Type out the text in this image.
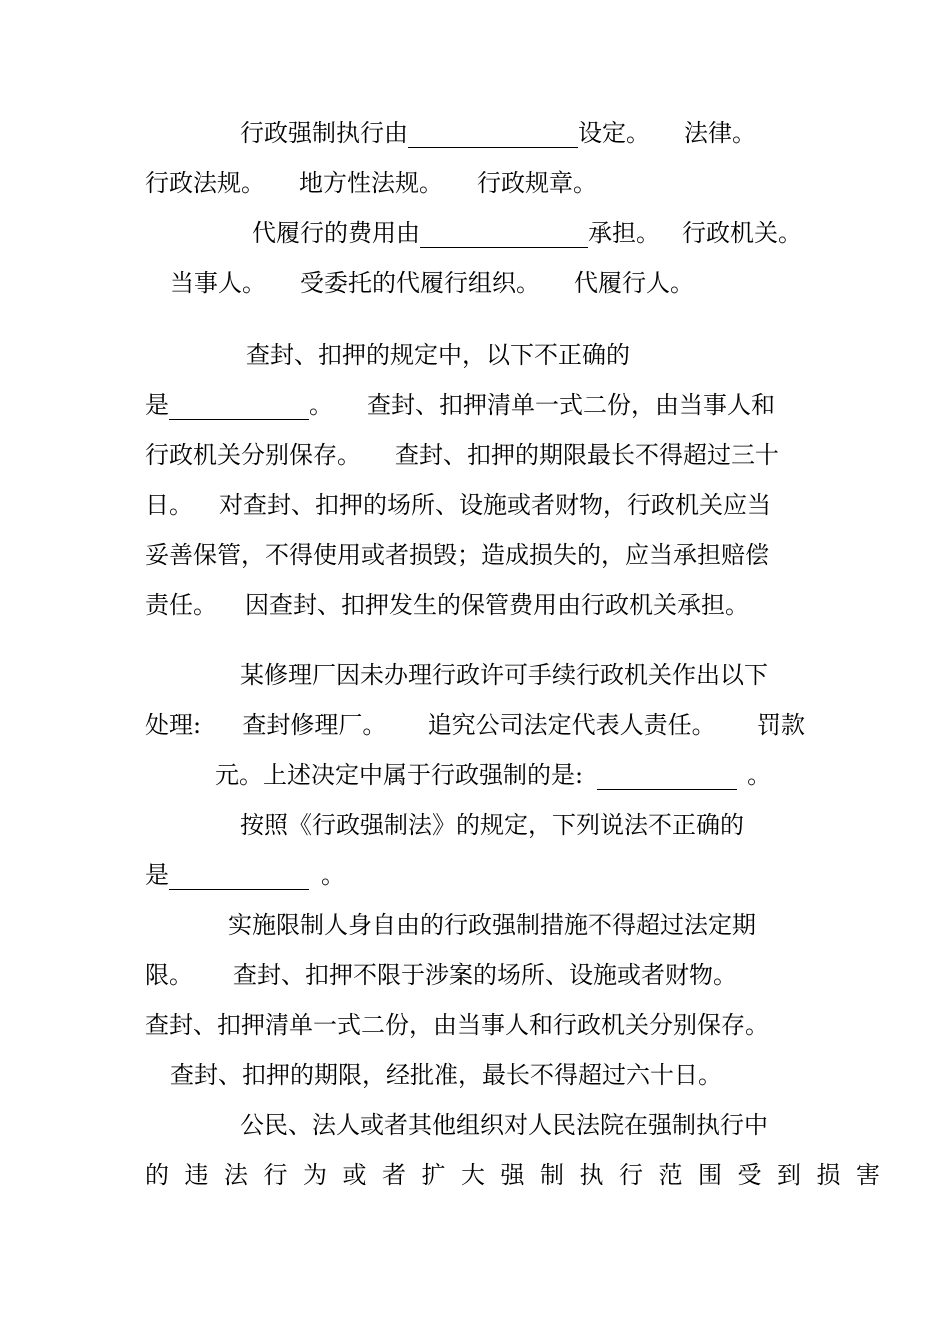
行政强制执行由	设定。 法律。
行政法规。 地方性法规。 行政规章。
代履行的费用由	承担。 行政机关。
当事人。 受委托的代履行组织。 代履行人。
查封、扣押的规定中，以下不正确的
是	。 查封、扣押清单一式二份，由当事人和
行政机关分别保存。 查封、扣押的期限最长不得超过三十
日。 对查封、扣押的场所、设施或者财物，行政机关应当
妥善保管，不得使用或者损毁；造成损失的，应当承担赔偿
责任。 因查封、扣押发生的保管费用由行政机关承担。
某修理厂因未办理行政许可手续行政机关作出以下
处理: 查封修理厂。 追究公司法定代表人责任。 罚款
元。上述决定中属于行政强制的是:	。
按照《行政强制法》的规定，下列说法不正确的
是	。
实施限制人身自由的行政强制措施不得超过法定期
限。 查封、扣押不限于涉案的场所、设施或者财物。
查封、扣押清单一式二份，由当事人和行政机关分别保存。
查封、扣押的期限，经批准，最长不得超过六十日。
公民、法人或者其他组织对人民法院在强制执行中
的违法行为或者扩大强制执行范围受到损害
